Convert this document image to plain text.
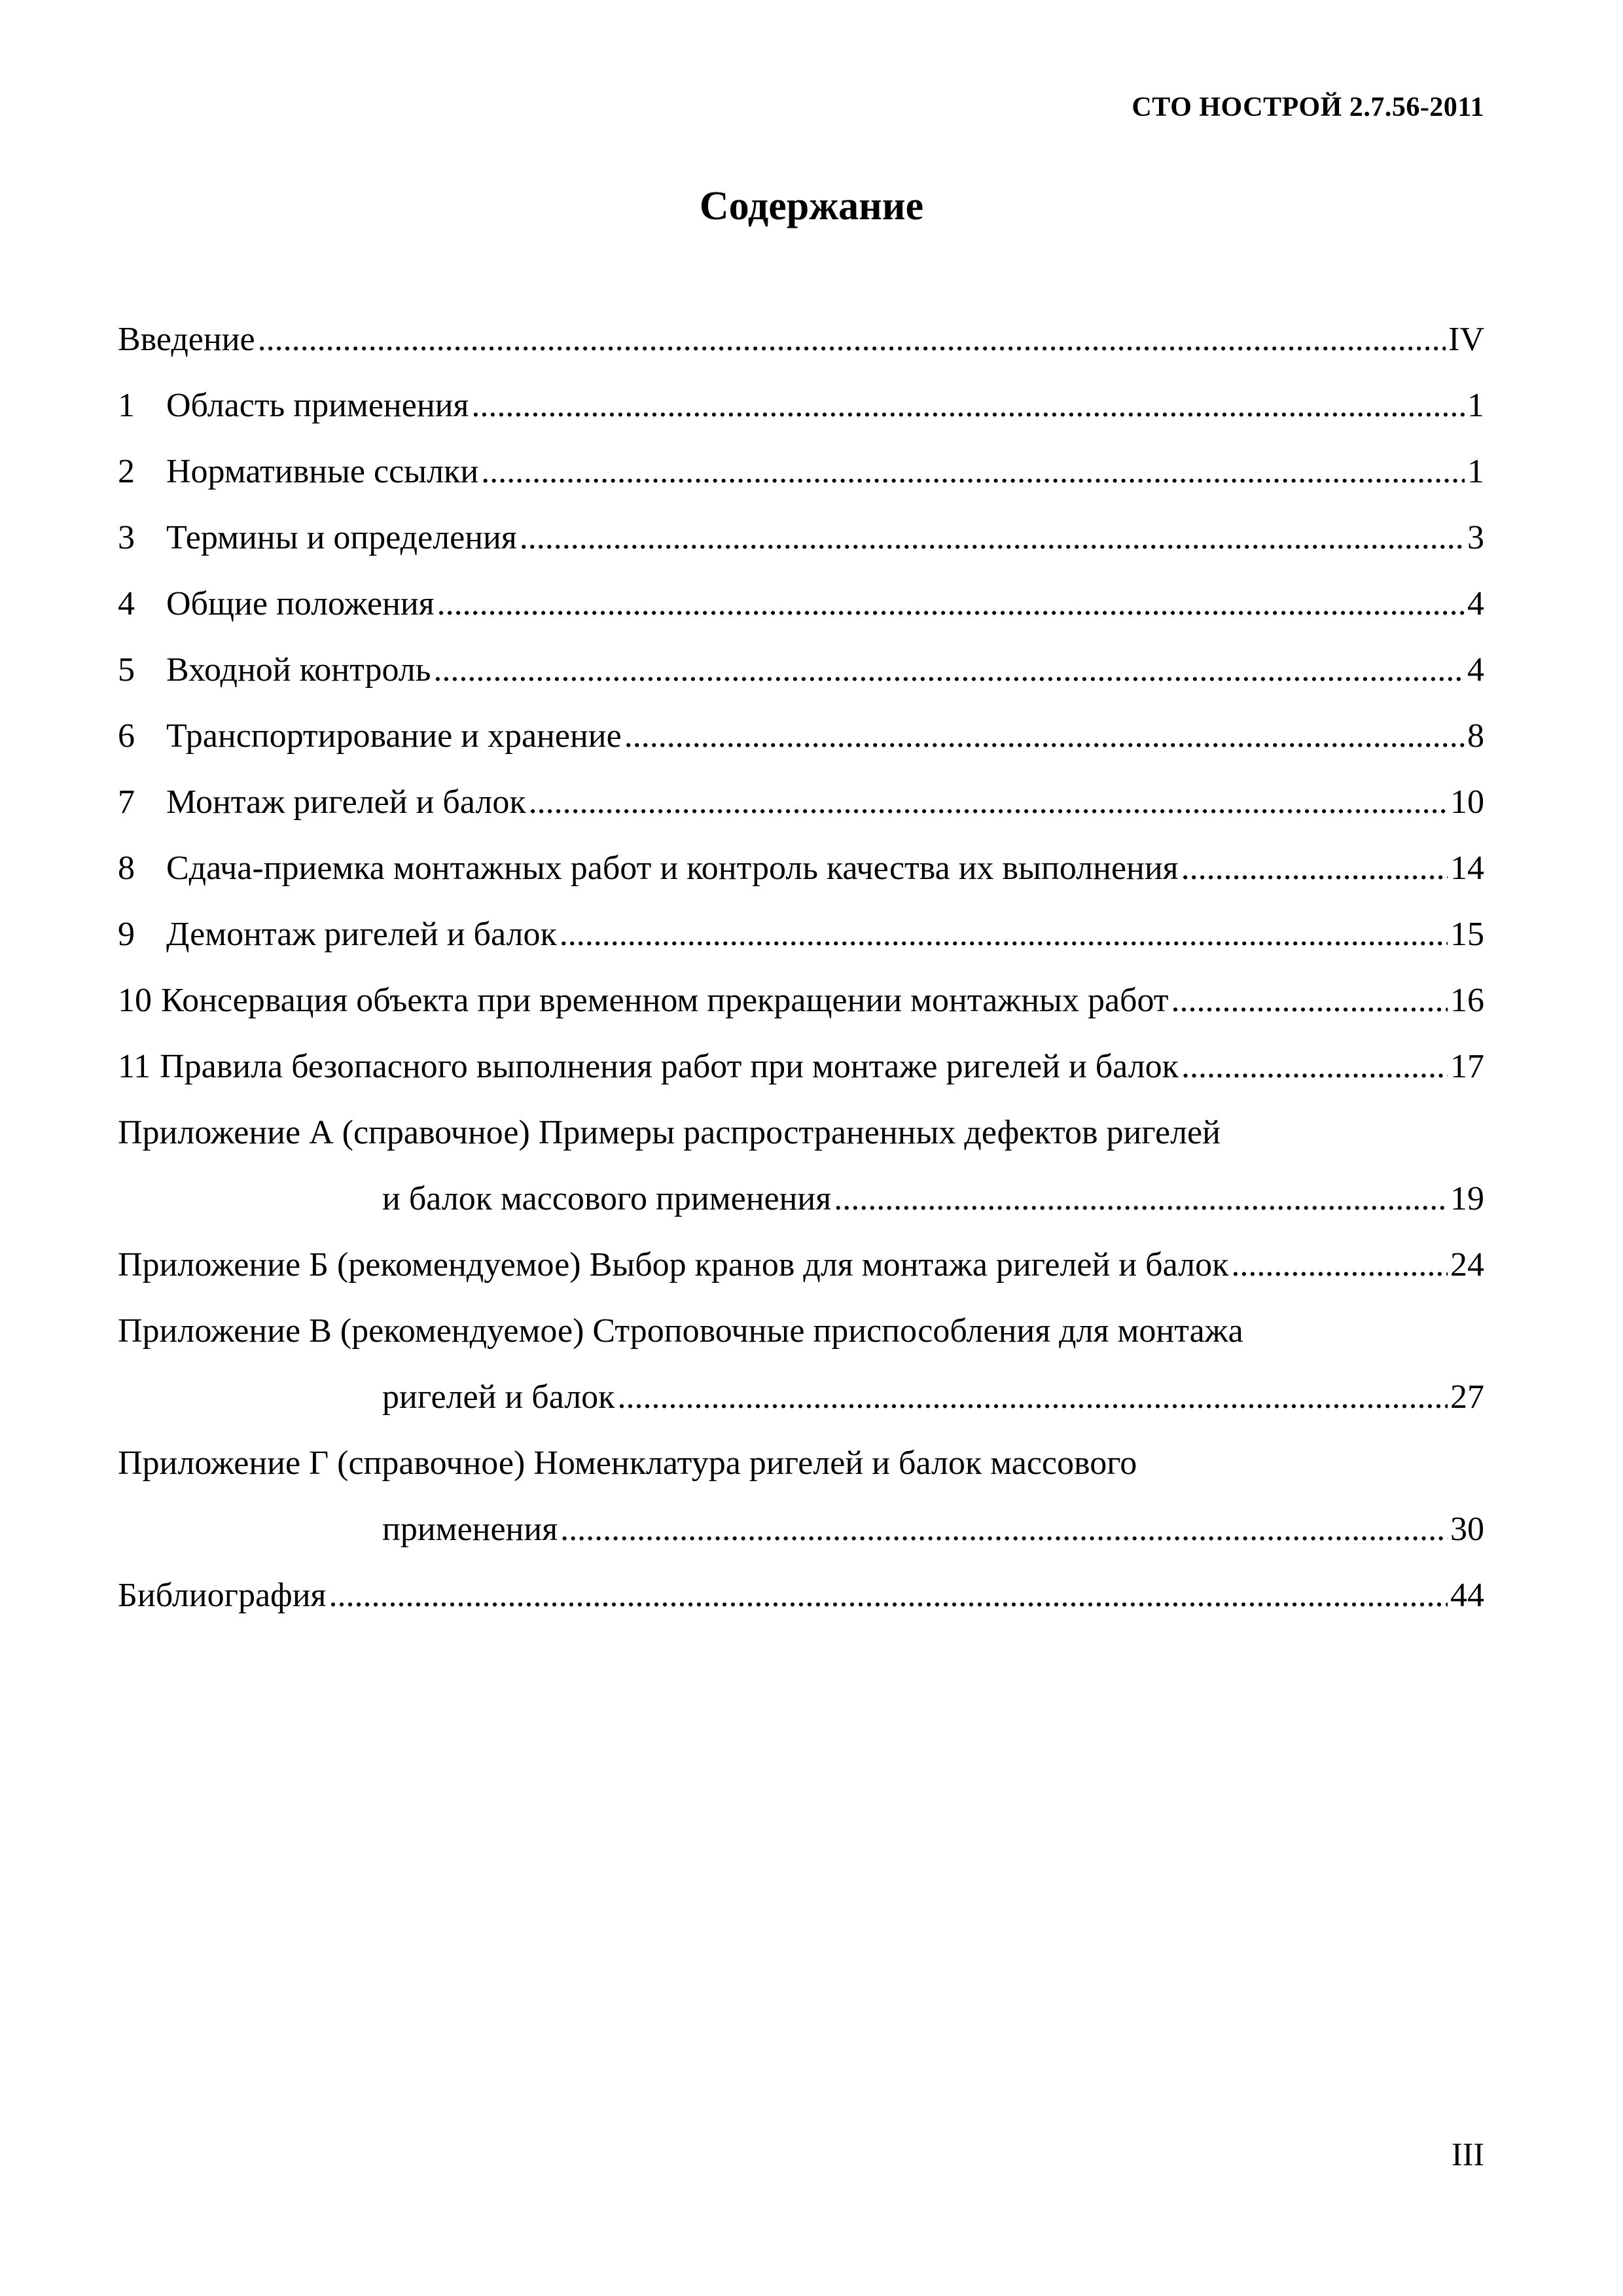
СТО НОСТРОЙ 2.7.56-2011
Содержание
Введение .....	IV
1 Область применения .....	1
2 Нормативные ссылки .....	1
3 Термины и определения .....	3
4 Общие положения .....	4
5 Входной контроль .....	4
6 Транспортирование и хранение .....	8
7 Монтаж ригелей и балок .....	10
8 Сдача-приемка монтажных работ и контроль качества их выполнения .....	14
9 Демонтаж ригелей и балок .....	15
10 Консервация объекта при временном прекращении монтажных работ .....	16
11 Правила безопасного выполнения работ при монтаже ригелей и балок .....	17
Приложение А (справочное) Примеры распространенных дефектов ригелей
и балок массового применения .....	19
Приложение Б (рекомендуемое) Выбор кранов для монтажа ригелей и балок .....	24
Приложение В (рекомендуемое) Строповочные приспособления для монтажа
ригелей и балок .....	27
Приложение Г (справочное) Номенклатура ригелей и балок массового
применения .....	30
Библиография .....	44
III
